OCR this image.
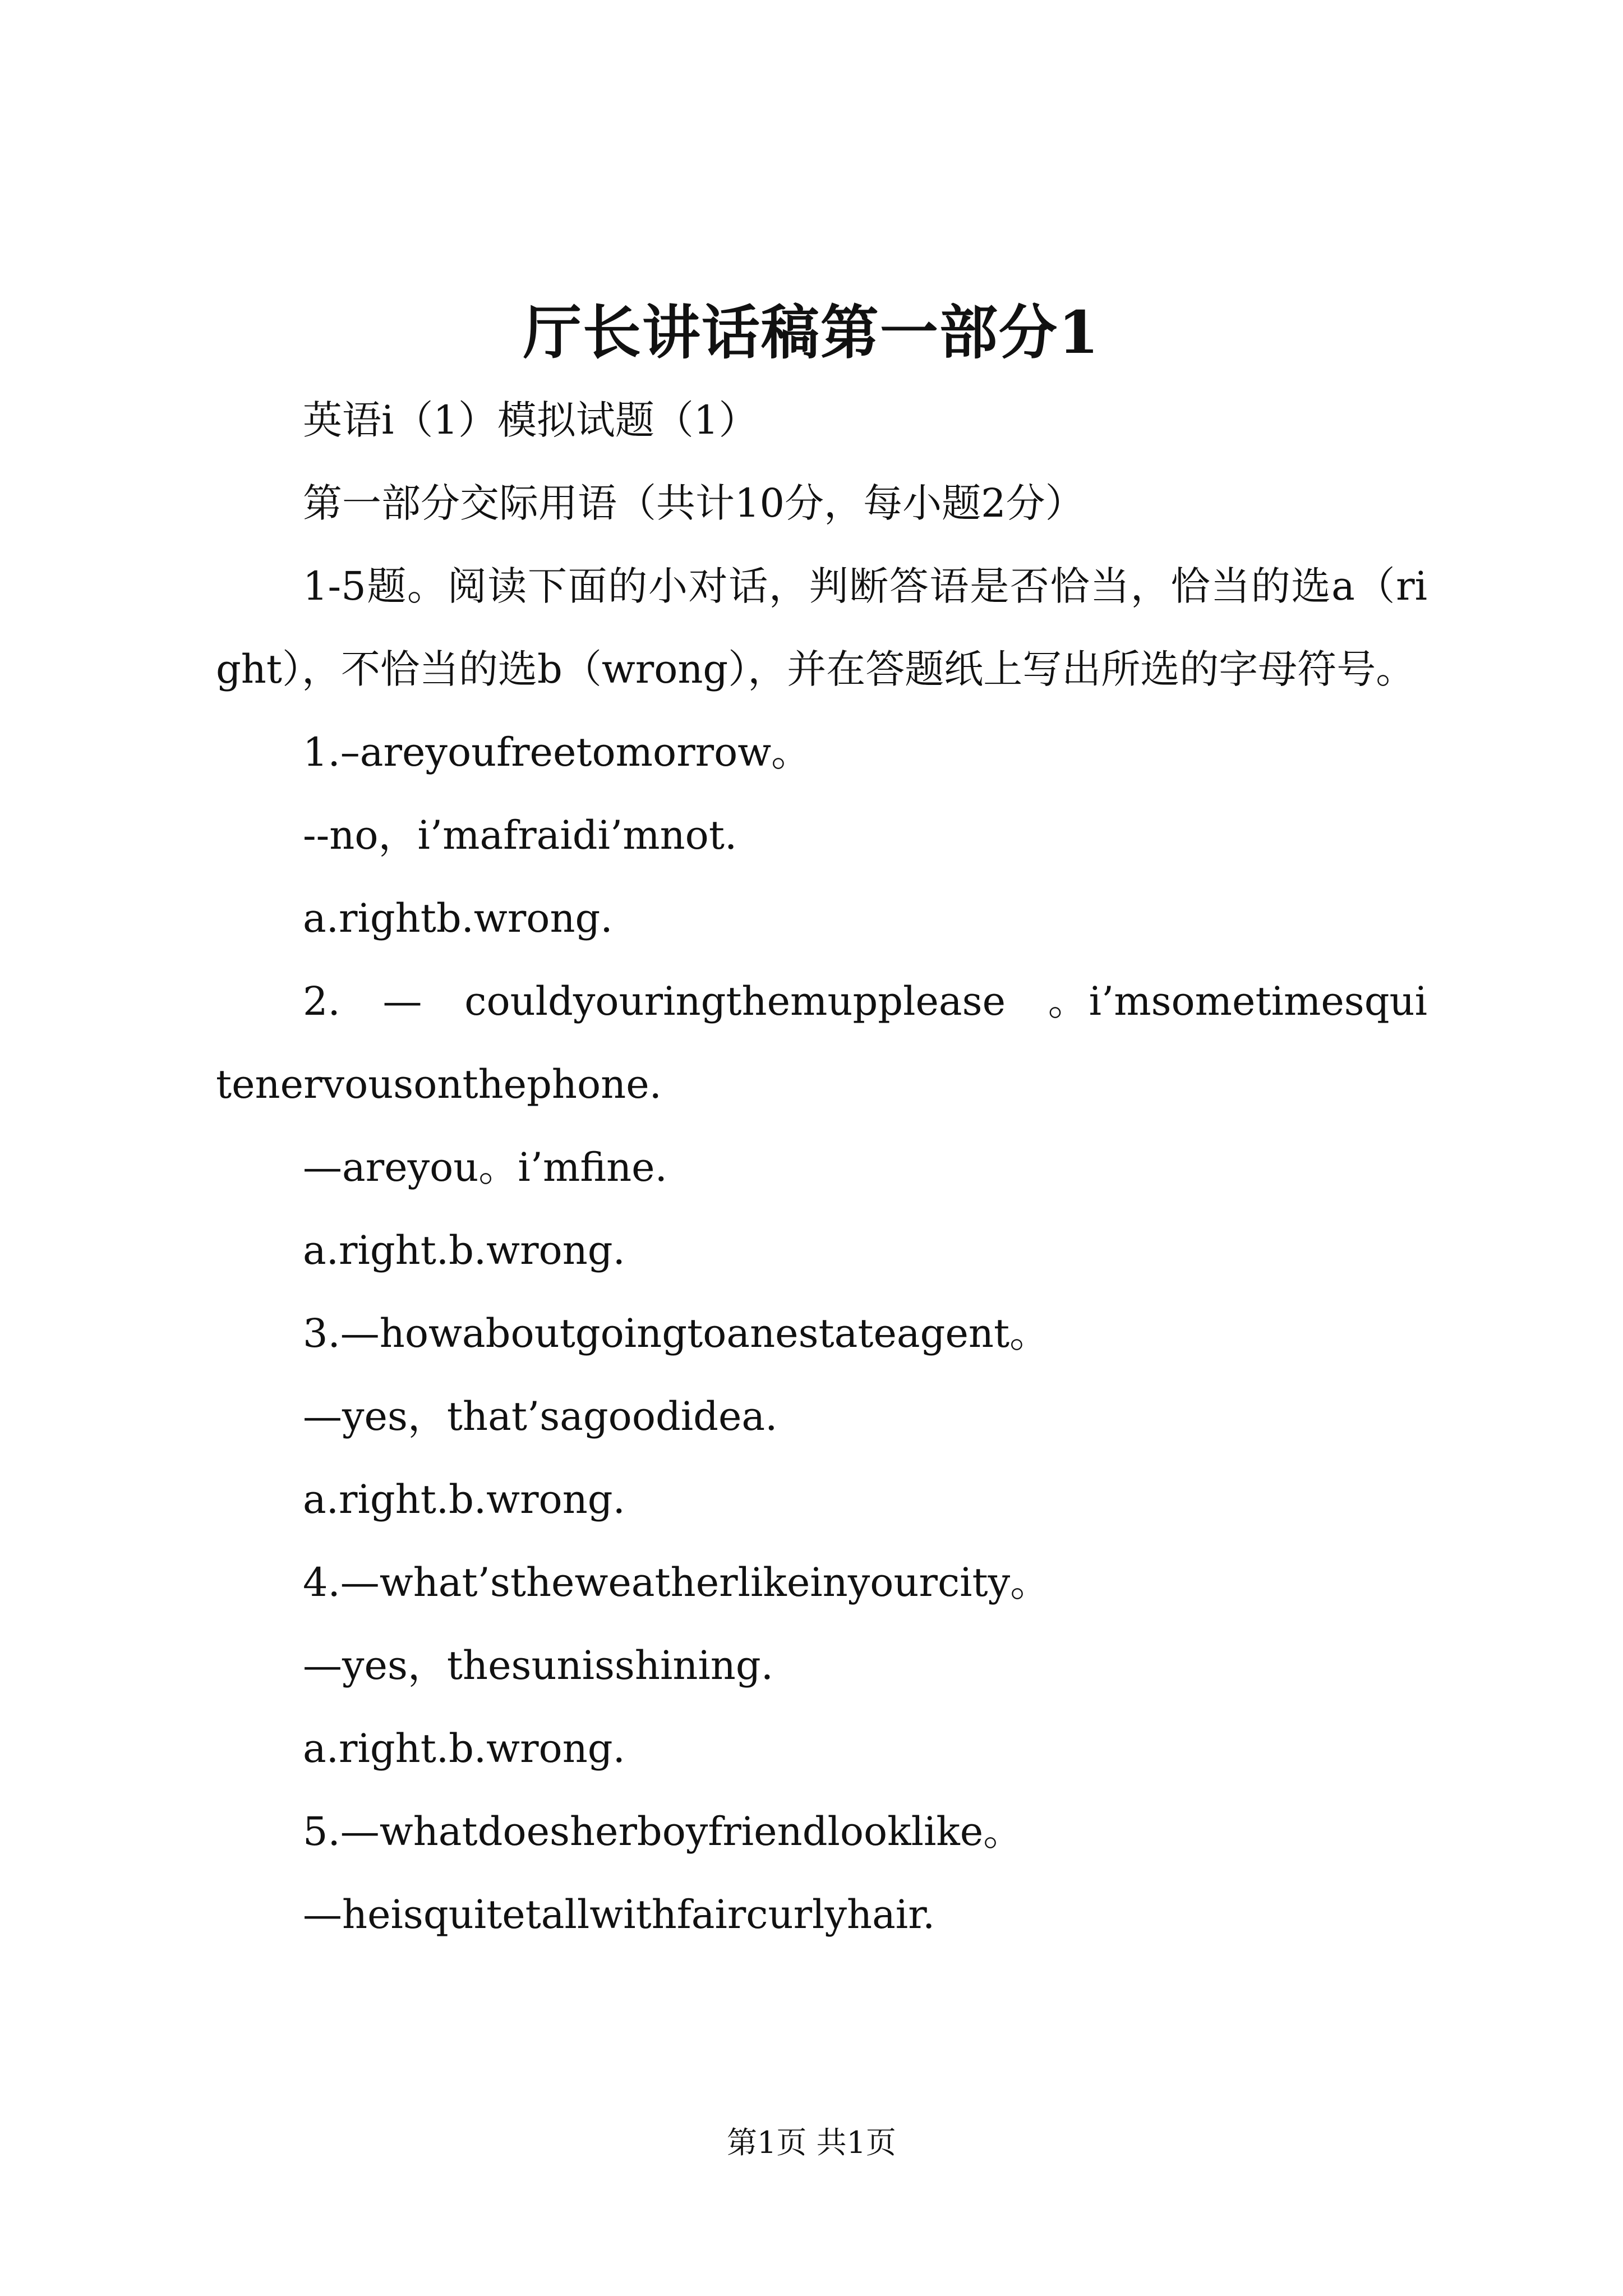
厅长讲话稿第一部分1

英语i（1）模拟试题（1）

第一部分交际用语（共计10分，每小题2分）

1-5题。阅读下面的小对话，判断答语是否恰当，恰当的选a（right），不恰当的选b（wrong），并在答题纸上写出所选的字母符号。

1.–areyoufreetomorrow。

--no，i’mafraidi’mnot.

a.rightb.wrong.

2.　—　couldyouringthemupplease　。i’msometimesquitenervousonthephone.

—areyou。i’mfine.

a.right.b.wrong.

3.—howaboutgoingtoanestateagent。

—yes，that’sagoodidea.

a.right.b.wrong.

4.—what’stheweatherlikeinyourcity。

—yes，thesunisshining.

a.right.b.wrong.

5.—whatdoesherboyfriendlooklike。

—heisquitetallwithfaircurlyhair.

第1页 共1页
